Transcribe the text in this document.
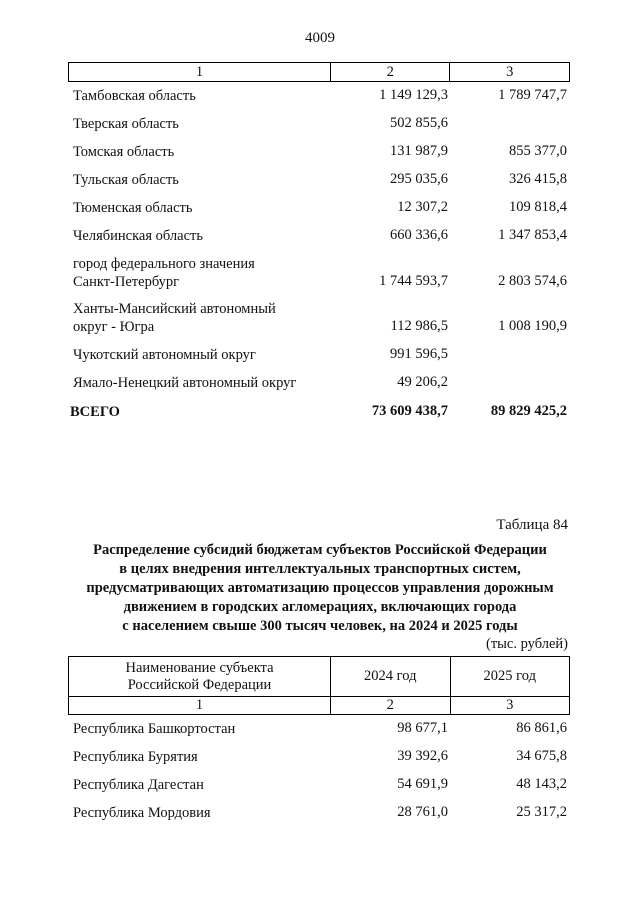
4009
1	2	3
Тамбовская область	1 149 129,3	1 789 747,7
Тверская область	502 855,6
Томская область	131 987,9	855 377,0
Тульская область	295 035,6	326 415,8
Тюменская область	12 307,2	109 818,4
Челябинская область	660 336,6	1 347 853,4
город федерального значения
Санкт-Петербург	1 744 593,7	2 803 574,6
Ханты-Мансийский автономный
округ - Югра	112 986,5	1 008 190,9
Чукотский автономный округ	991 596,5
Ямало-Ненецкий автономный округ	49 206,2
ВСЕГО	73 609 438,7	89 829 425,2
Таблица 84
Распределение субсидий бюджетам субъектов Российской Федерации
в целях внедрения интеллектуальных транспортных систем,
предусматривающих автоматизацию процессов управления дорожным
движением в городских агломерациях, включающих города
с населением свыше 300 тысяч человек, на 2024 и 2025 годы
(тыс. рублей)
Наименование субъекта
Российской Федерации	2024 год	2025 год
1	2	3
Республика Башкортостан	98 677,1	86 861,6
Республика Бурятия	39 392,6	34 675,8
Республика Дагестан	54 691,9	48 143,2
Республика Мордовия	28 761,0	25 317,2
